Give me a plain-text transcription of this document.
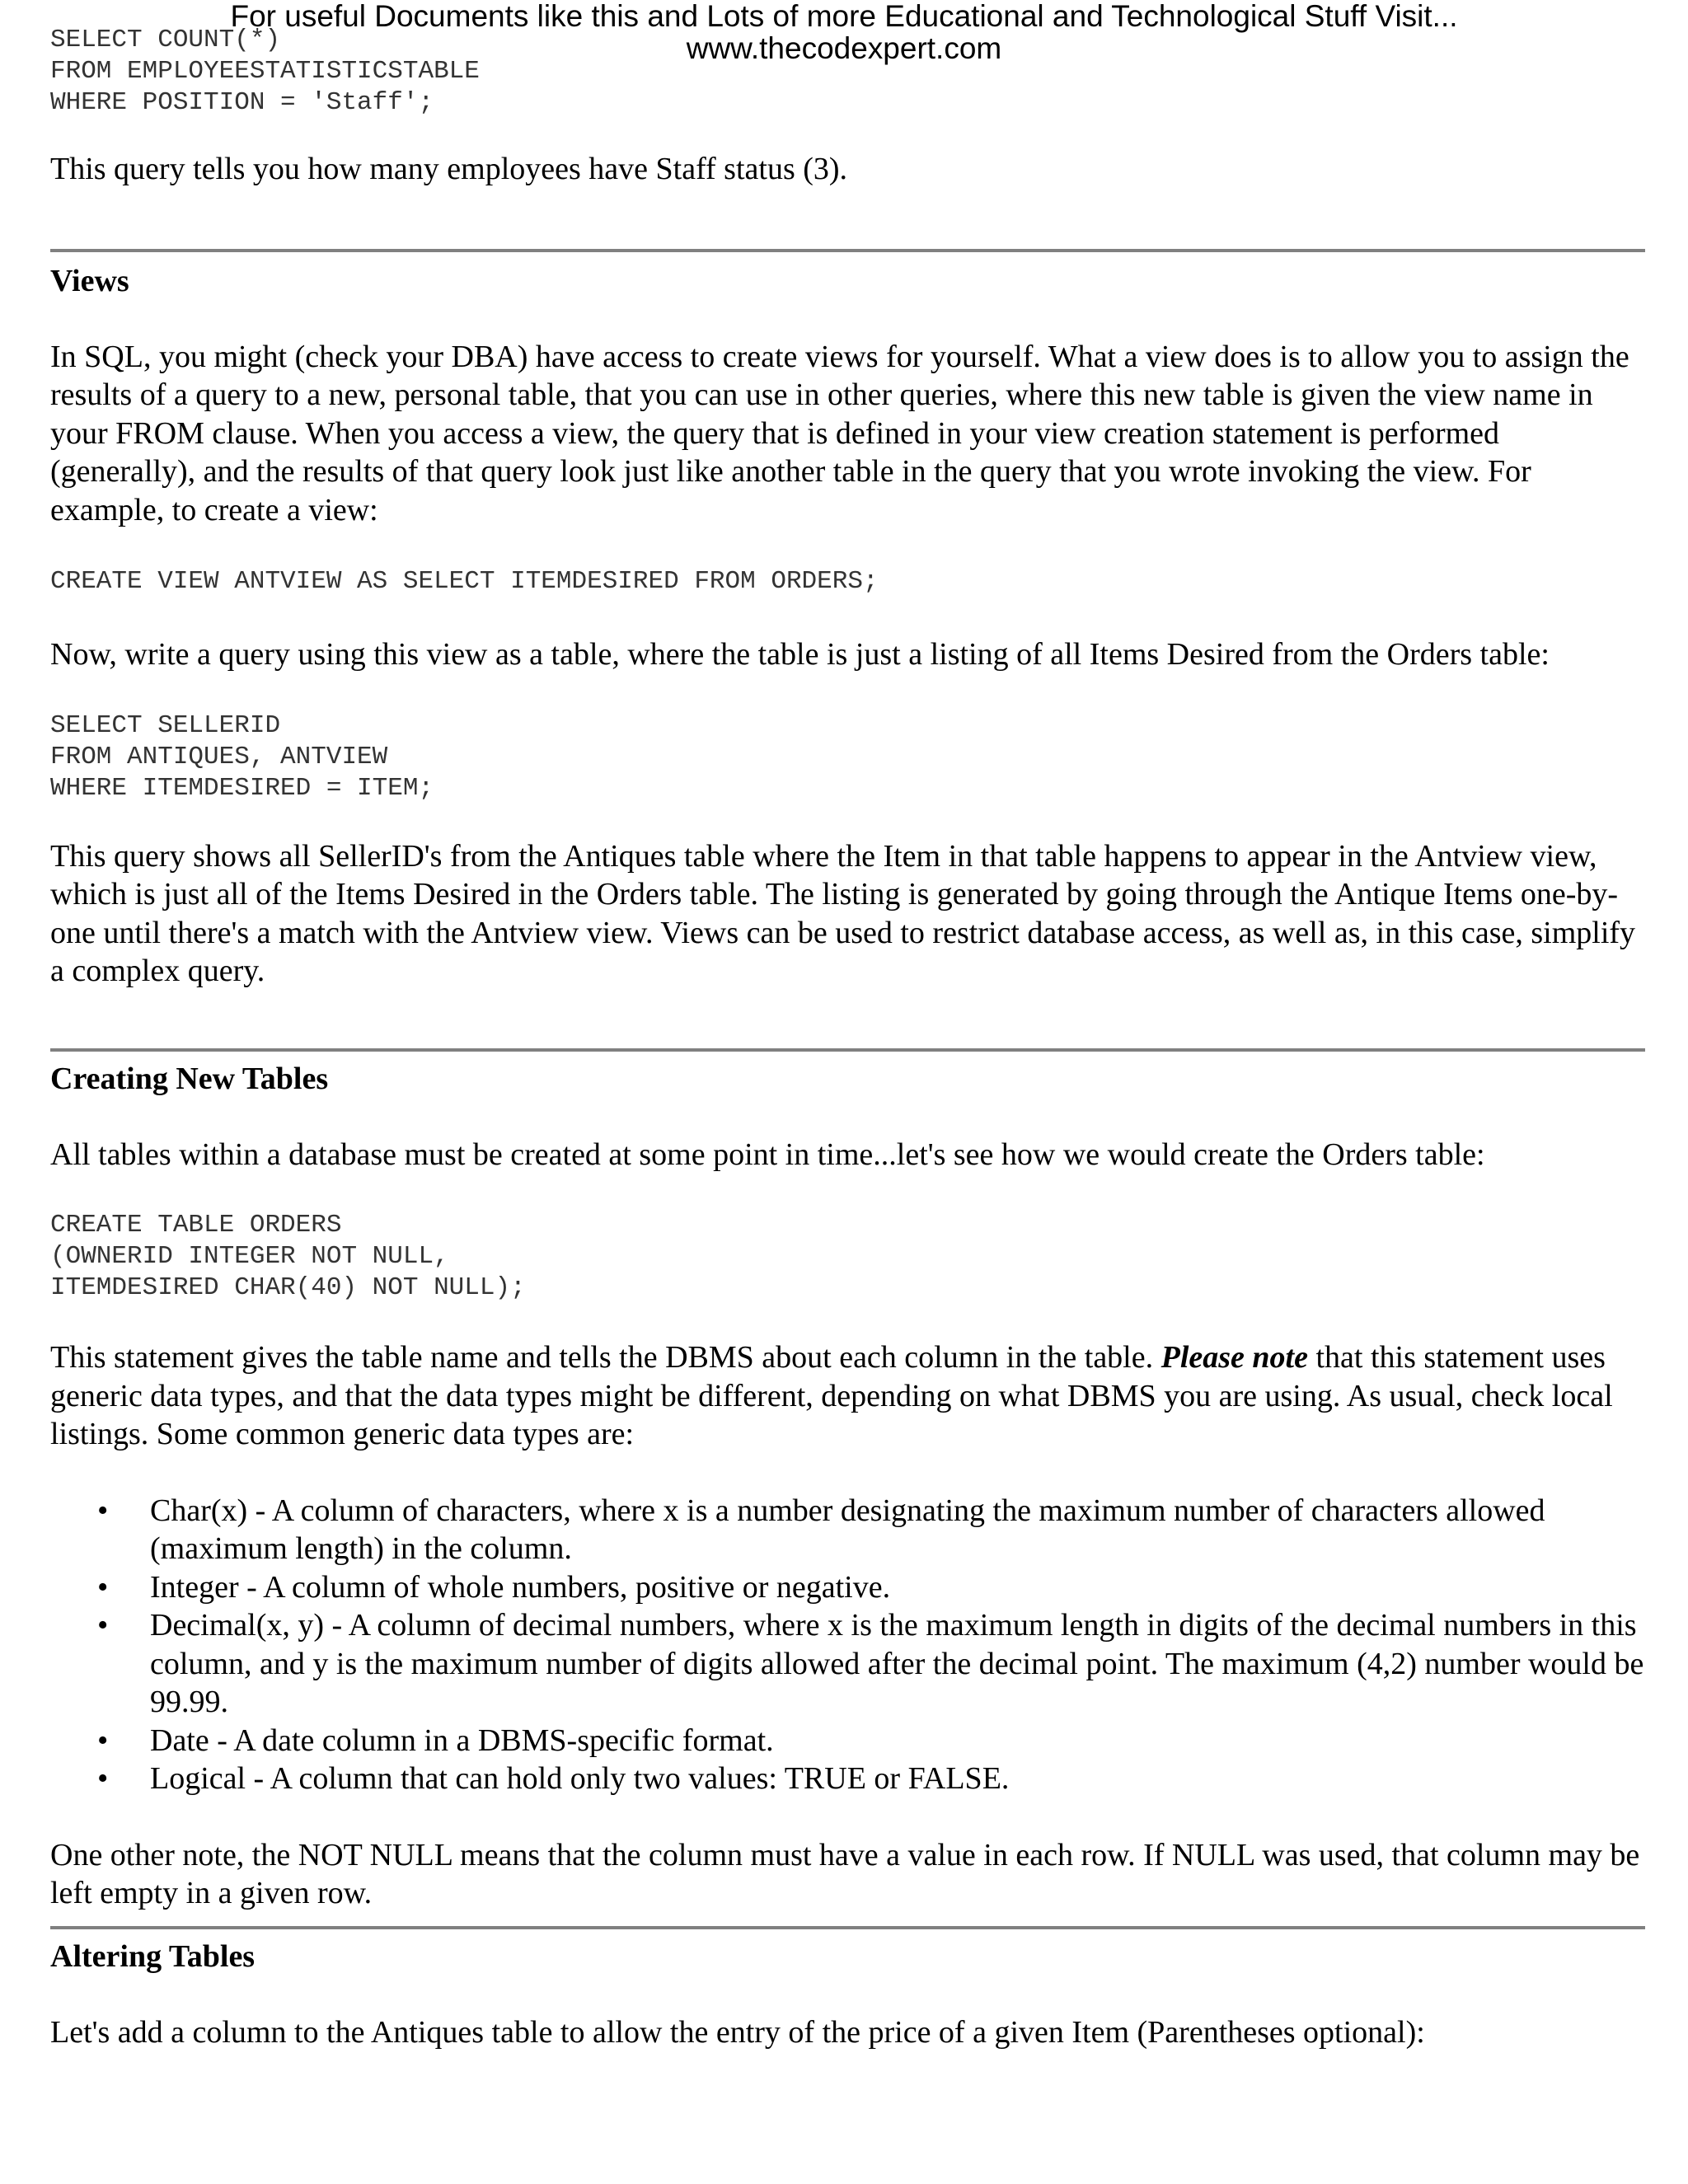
For useful Documents like this and Lots of more Educational and Technological Stuff Visit...
www.thecodexpert.com
SELECT COUNT(*)
FROM EMPLOYEESTATISTICSTABLE
WHERE POSITION = 'Staff';

This query tells you how many employees have Staff status (3).

Views

In SQL, you might (check your DBA) have access to create views for yourself. What a view does is to allow you to assign the results of a query to a new, personal table, that you can use in other queries, where this new table is given the view name in your FROM clause. When you access a view, the query that is defined in your view creation statement is performed (generally), and the results of that query look just like another table in the query that you wrote invoking the view. For example, to create a view:

CREATE VIEW ANTVIEW AS SELECT ITEMDESIRED FROM ORDERS;

Now, write a query using this view as a table, where the table is just a listing of all Items Desired from the Orders table:

SELECT SELLERID
FROM ANTIQUES, ANTVIEW
WHERE ITEMDESIRED = ITEM;

This query shows all SellerID's from the Antiques table where the Item in that table happens to appear in the Antview view, which is just all of the Items Desired in the Orders table. The listing is generated by going through the Antique Items one-by-one until there's a match with the Antview view. Views can be used to restrict database access, as well as, in this case, simplify a complex query.

Creating New Tables

All tables within a database must be created at some point in time...let's see how we would create the Orders table:

CREATE TABLE ORDERS
(OWNERID INTEGER NOT NULL,
ITEMDESIRED CHAR(40) NOT NULL);

This statement gives the table name and tells the DBMS about each column in the table. Please note that this statement uses generic data types, and that the data types might be different, depending on what DBMS you are using. As usual, check local listings. Some common generic data types are:

• Char(x) - A column of characters, where x is a number designating the maximum number of characters allowed (maximum length) in the column.
• Integer - A column of whole numbers, positive or negative.
• Decimal(x, y) - A column of decimal numbers, where x is the maximum length in digits of the decimal numbers in this column, and y is the maximum number of digits allowed after the decimal point. The maximum (4,2) number would be 99.99.
• Date - A date column in a DBMS-specific format.
• Logical - A column that can hold only two values: TRUE or FALSE.

One other note, the NOT NULL means that the column must have a value in each row. If NULL was used, that column may be left empty in a given row.

Altering Tables

Let's add a column to the Antiques table to allow the entry of the price of a given Item (Parentheses optional):
